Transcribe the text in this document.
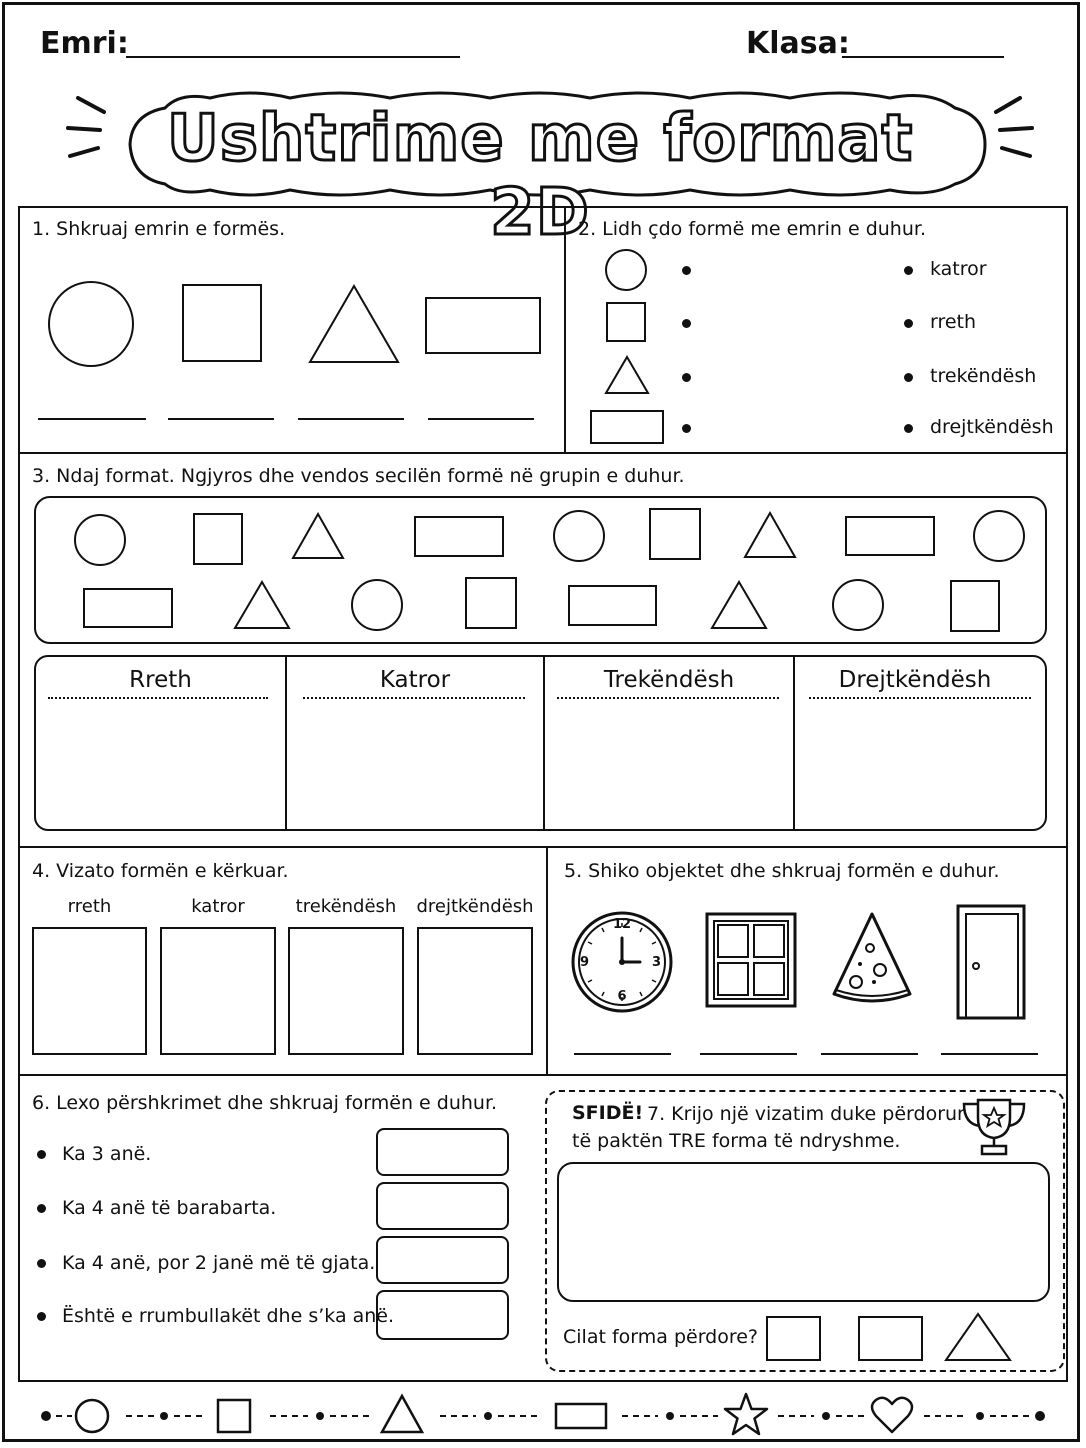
Emri:	Klasa:
Ushtrime me format 2D
1. Shkruaj emrin e formës.	2. Lidh çdo formë me emrin e duhur.
katror
rreth
trekëndësh
drejtkëndësh
3. Ndaj format. Ngjyros dhe vendos secilën formë në grupin e duhur.
Rreth	Katror	Trekëndësh	Drejtkëndësh
4. Vizato formën e kërkuar.
rreth	katror	trekëndësh	drejtkëndësh
5. Shiko objektet dhe shkruaj formën e duhur.
12
3
6
9
6. Lexo përshkrimet dhe shkruaj formën e duhur.
Ka 3 anë.
Ka 4 anë të barabarta.
Ka 4 anë, por 2 janë më të gjata.
Është e rrumbullakët dhe s’ka anë.
SFIDË! 7. Krijo një vizatim duke përdorur
të paktën TRE forma të ndryshme.
Cilat forma përdore?
